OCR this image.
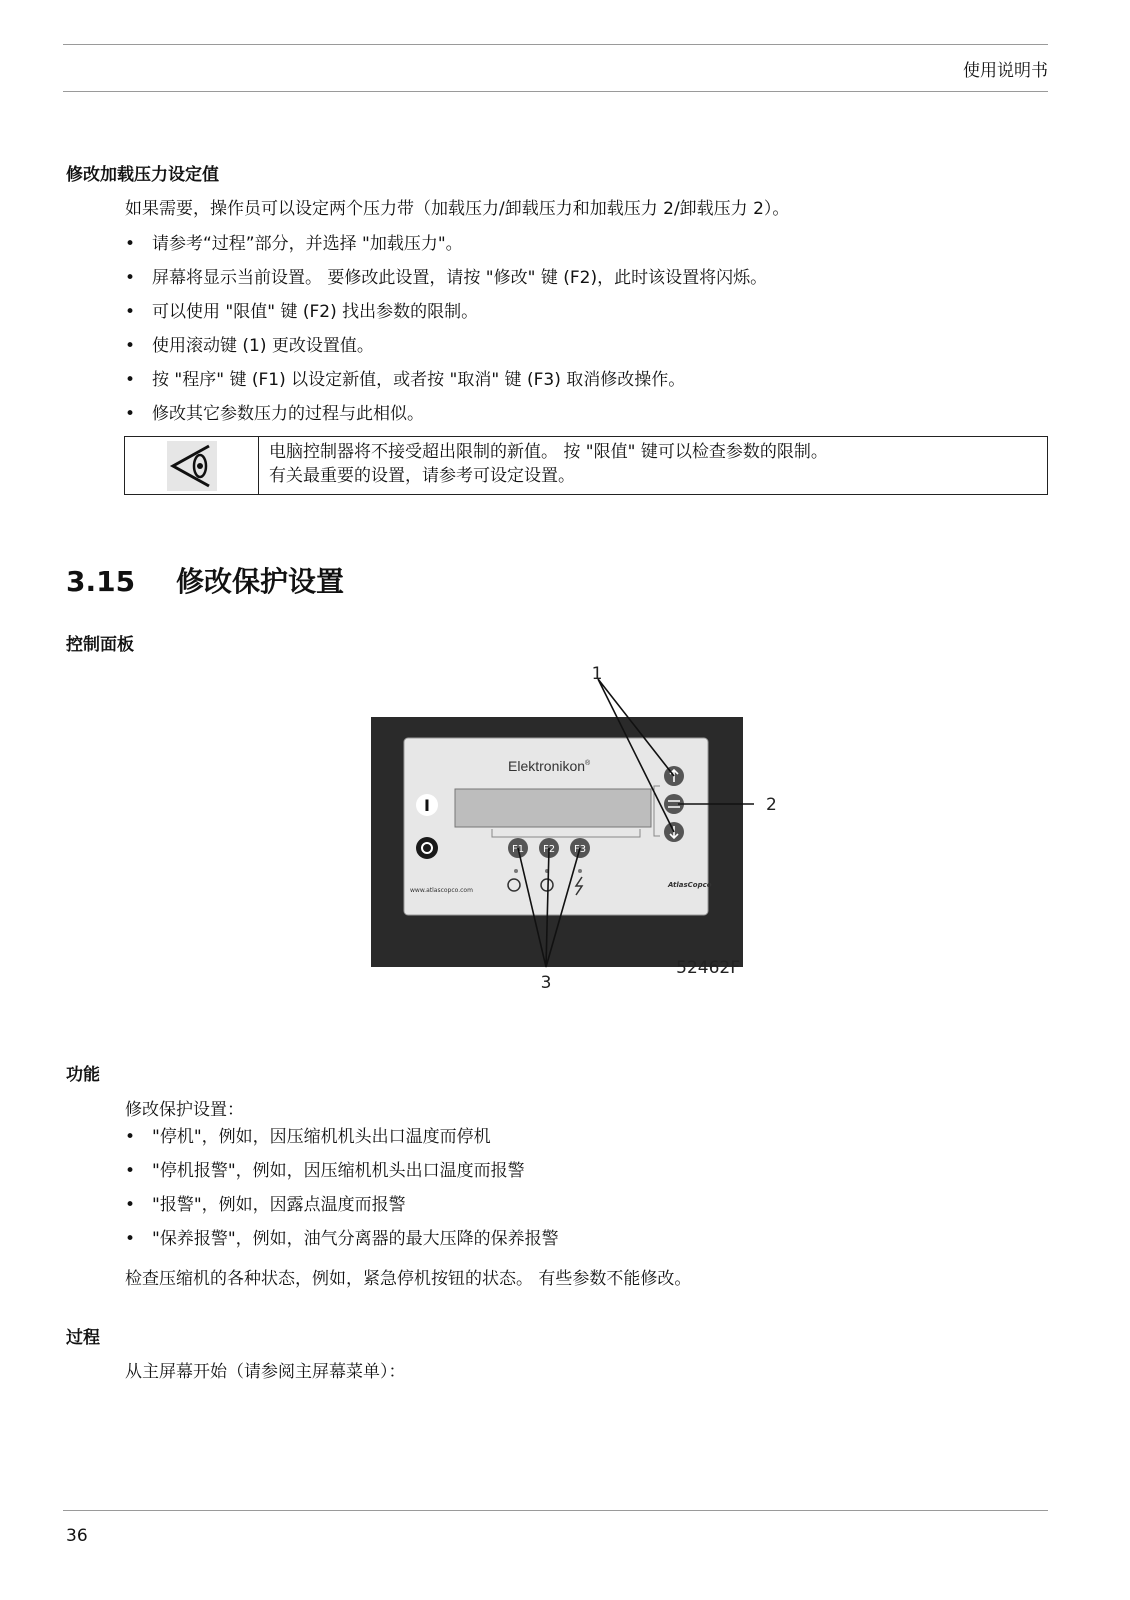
使用说明书
修改加载压力设定值
如果需要，操作员可以设定两个压力带（加载压力/卸载压力和加载压力 2/卸载压力 2）。
• 请参考“过程”部分，并选择 "加载压力"。
• 屏幕将显示当前设置。 要修改此设置，请按 "修改" 键 (F2)，此时该设置将闪烁。
• 可以使用 "限值" 键 (F2) 找出参数的限制。
• 使用滚动键 (1) 更改设置值。
• 按 "程序" 键 (F1) 以设定新值，或者按 "取消" 键 (F3) 取消修改操作。
• 修改其它参数压力的过程与此相似。
电脑控制器将不接受超出限制的新值。 按 "限值" 键可以检查参数的限制。
有关最重要的设置，请参考可设定设置。
3.15 修改保护设置
控制面板
Elektronikon®
I
F1 F2 F3
www.atlascopco.com
AtlasCopco
1
2
3
52462F
功能
修改保护设置：
• "停机"，例如，因压缩机机头出口温度而停机
• "停机报警"，例如，因压缩机机头出口温度而报警
• "报警"，例如，因露点温度而报警
• "保养报警"，例如，油气分离器的最大压降的保养报警
检查压缩机的各种状态，例如，紧急停机按钮的状态。 有些参数不能修改。
过程
从主屏幕开始（请参阅主屏幕菜单）：
36
